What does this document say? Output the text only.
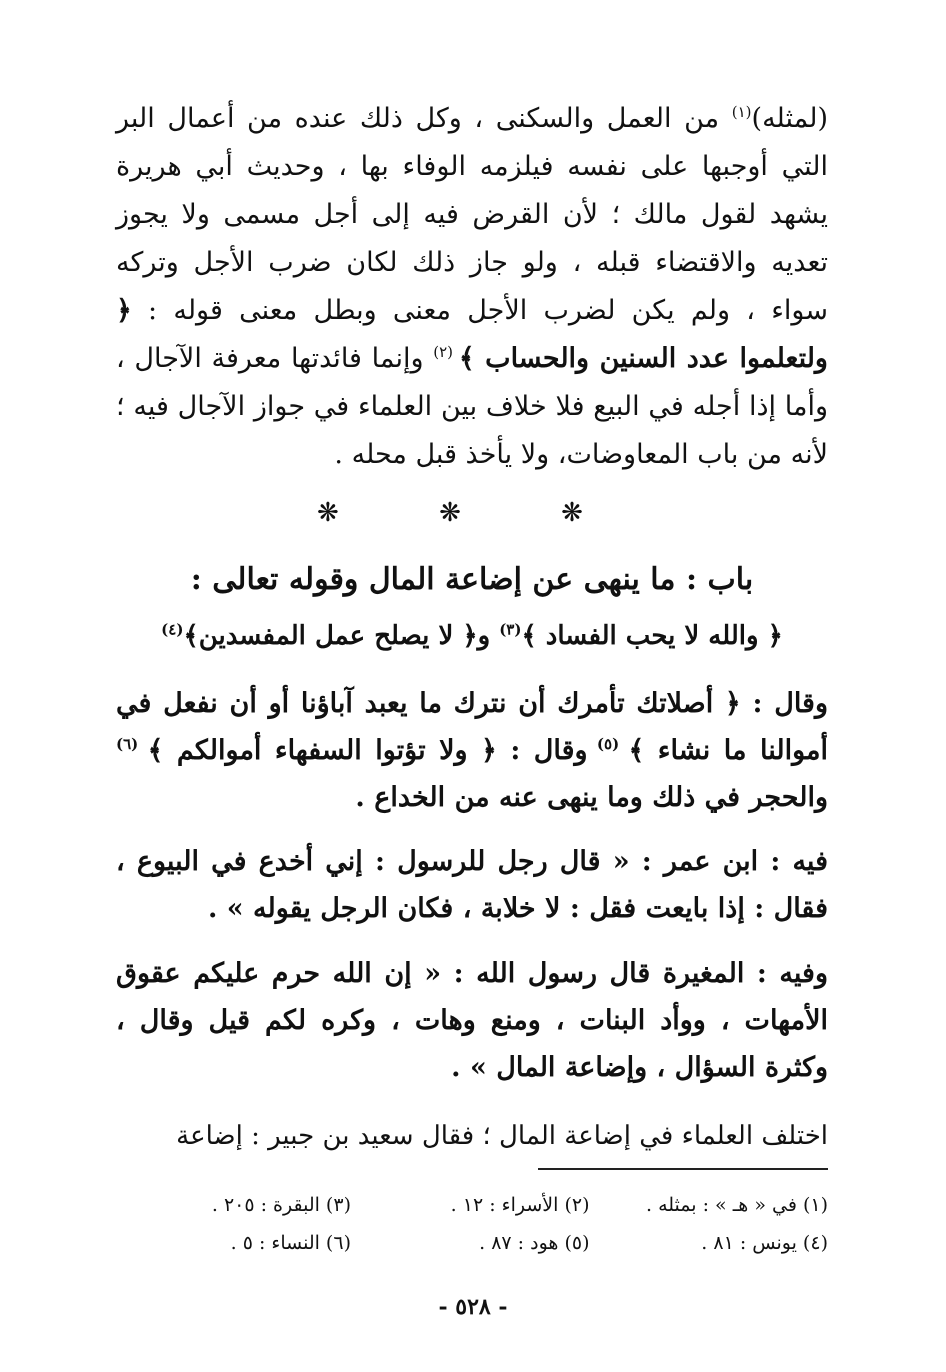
(لمثله)$^{(١)}$ من العمل والسكنى ، وكل ذلك عنده من أعمال البر التي أوجبها على نفسه فيلزمه الوفاء بها ، وحديث أبي هريرة يشهد لقول مالك ؛ لأن القرض فيه إلى أجل مسمى ولا يجوز تعديه والاقتضاء قبله ، ولو جاز ذلك لكان ضرب الأجل وتركه سواء ، ولم يكن لضرب الأجل معنى وبطل معنى قوله : ﴿ ولتعلموا عدد السنين والحساب ﴾ $^{(٢)}$ وإنما فائدتها معرفة الآجال ، وأما إذا أجله في البيع فلا خلاف بين العلماء في جواز الآجال فيه ؛ لأنه من باب المعاوضات، ولا يأخذ قبل محله .

❋ ❋ ❋
باب : ما ينهى عن إضاعة المال وقوله تعالى :
﴿ والله لا يحب الفساد ﴾$^{(٣)}$ و﴿ لا يصلح عمل المفسدين﴾$^{(٤)}$

وقال : ﴿ أصلاتك تأمرك أن نترك ما يعبد آباؤنا أو أن نفعل في أموالنا ما نشاء ﴾ $^{(٥)}$ وقال : ﴿ ولا تؤتوا السفهاء أموالكم ﴾ $^{(٦)}$ والحجر في ذلك وما ينهى عنه من الخداع .

فيه : ابن عمر : « قال رجل للرسول : إني أخدع في البيوع ، فقال : إذا بايعت فقل : لا خلابة ، فكان الرجل يقوله » .

وفيه : المغيرة قال رسول الله : « إن الله حرم عليكم عقوق الأمهات ، ووأد البنات ، ومنع وهات ، وكره لكم قيل وقال ، وكثرة السؤال ، وإضاعة المال » .

اختلف العلماء في إضاعة المال ؛ فقال سعيد بن جبير : إضاعة
(١) في « هـ » : بمثله .
(٢) الأسراء : ١٢ .
(٣) البقرة : ٢٠٥ .
(٤) يونس : ٨١ .
(٥) هود : ٨٧ .
(٦) النساء : ٥ .
- ٥٢٨ -
